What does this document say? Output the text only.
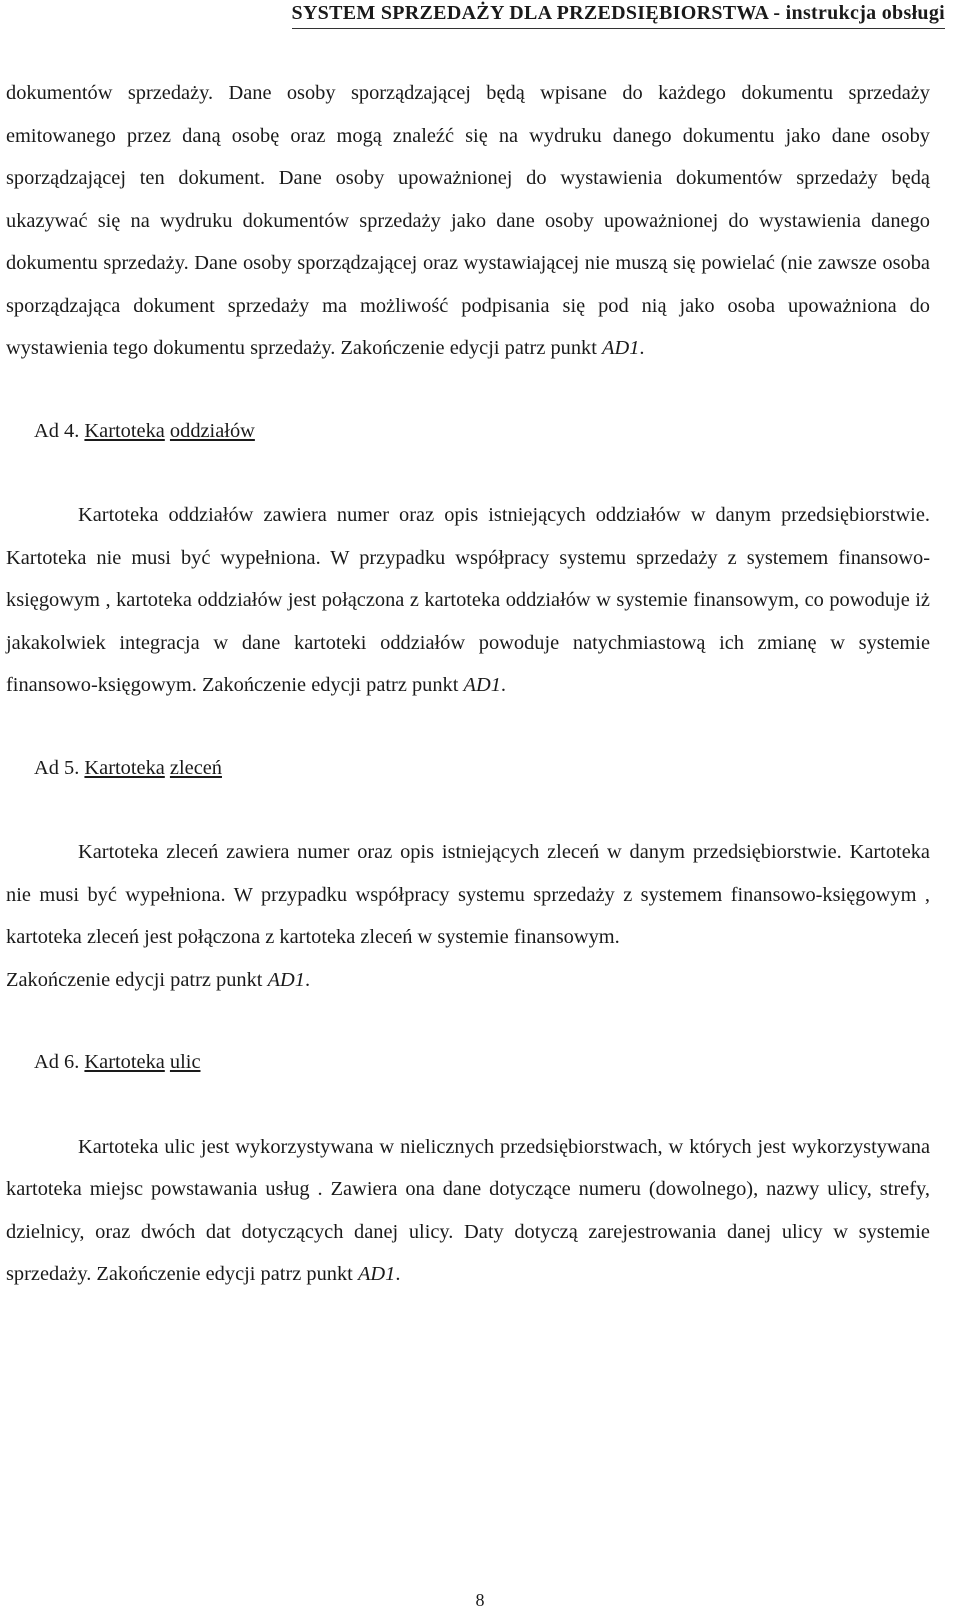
SYSTEM SPRZEDAŻY DLA PRZEDSIĘBIORSTWA - instrukcja obsługi

dokumentów sprzedaży. Dane osoby sporządzającej będą wpisane do każdego dokumentu sprzedaży emitowanego przez daną osobę oraz mogą znaleźć się na wydruku danego dokumentu jako dane osoby sporządzającej ten dokument. Dane osoby upoważnionej do wystawienia dokumentów sprzedaży będą ukazywać się na wydruku dokumentów sprzedaży jako dane osoby upoważnionej do wystawienia danego dokumentu sprzedaży. Dane osoby sporządzającej oraz wystawiającej nie muszą się powielać (nie zawsze osoba sporządzająca dokument sprzedaży ma możliwość podpisania się pod nią jako osoba upoważniona do wystawienia tego dokumentu sprzedaży. Zakończenie edycji patrz punkt AD1.

Ad 4. Kartoteka oddziałów

Kartoteka oddziałów zawiera numer oraz opis istniejących oddziałów w danym przedsiębiorstwie. Kartoteka nie musi być wypełniona. W przypadku współpracy systemu sprzedaży z systemem finansowo-księgowym , kartoteka oddziałów jest połączona z kartoteka oddziałów w systemie finansowym, co powoduje iż jakakolwiek integracja w dane kartoteki oddziałów powoduje natychmiastową ich zmianę w systemie finansowo-księgowym. Zakończenie edycji patrz punkt AD1.

Ad 5. Kartoteka zleceń

Kartoteka zleceń zawiera numer oraz opis istniejących zleceń w danym przedsiębiorstwie. Kartoteka nie musi być wypełniona. W przypadku współpracy systemu sprzedaży z systemem finansowo-księgowym , kartoteka zleceń jest połączona z kartoteka zleceń w systemie finansowym.

Zakończenie edycji patrz punkt AD1.

Ad 6. Kartoteka ulic

Kartoteka ulic jest wykorzystywana w nielicznych przedsiębiorstwach, w których jest wykorzystywana kartoteka miejsc powstawania usług . Zawiera ona dane dotyczące numeru (dowolnego), nazwy ulicy, strefy, dzielnicy, oraz dwóch dat dotyczących danej ulicy. Daty dotyczą zarejestrowania danej ulicy w systemie sprzedaży. Zakończenie edycji patrz punkt AD1.

8
